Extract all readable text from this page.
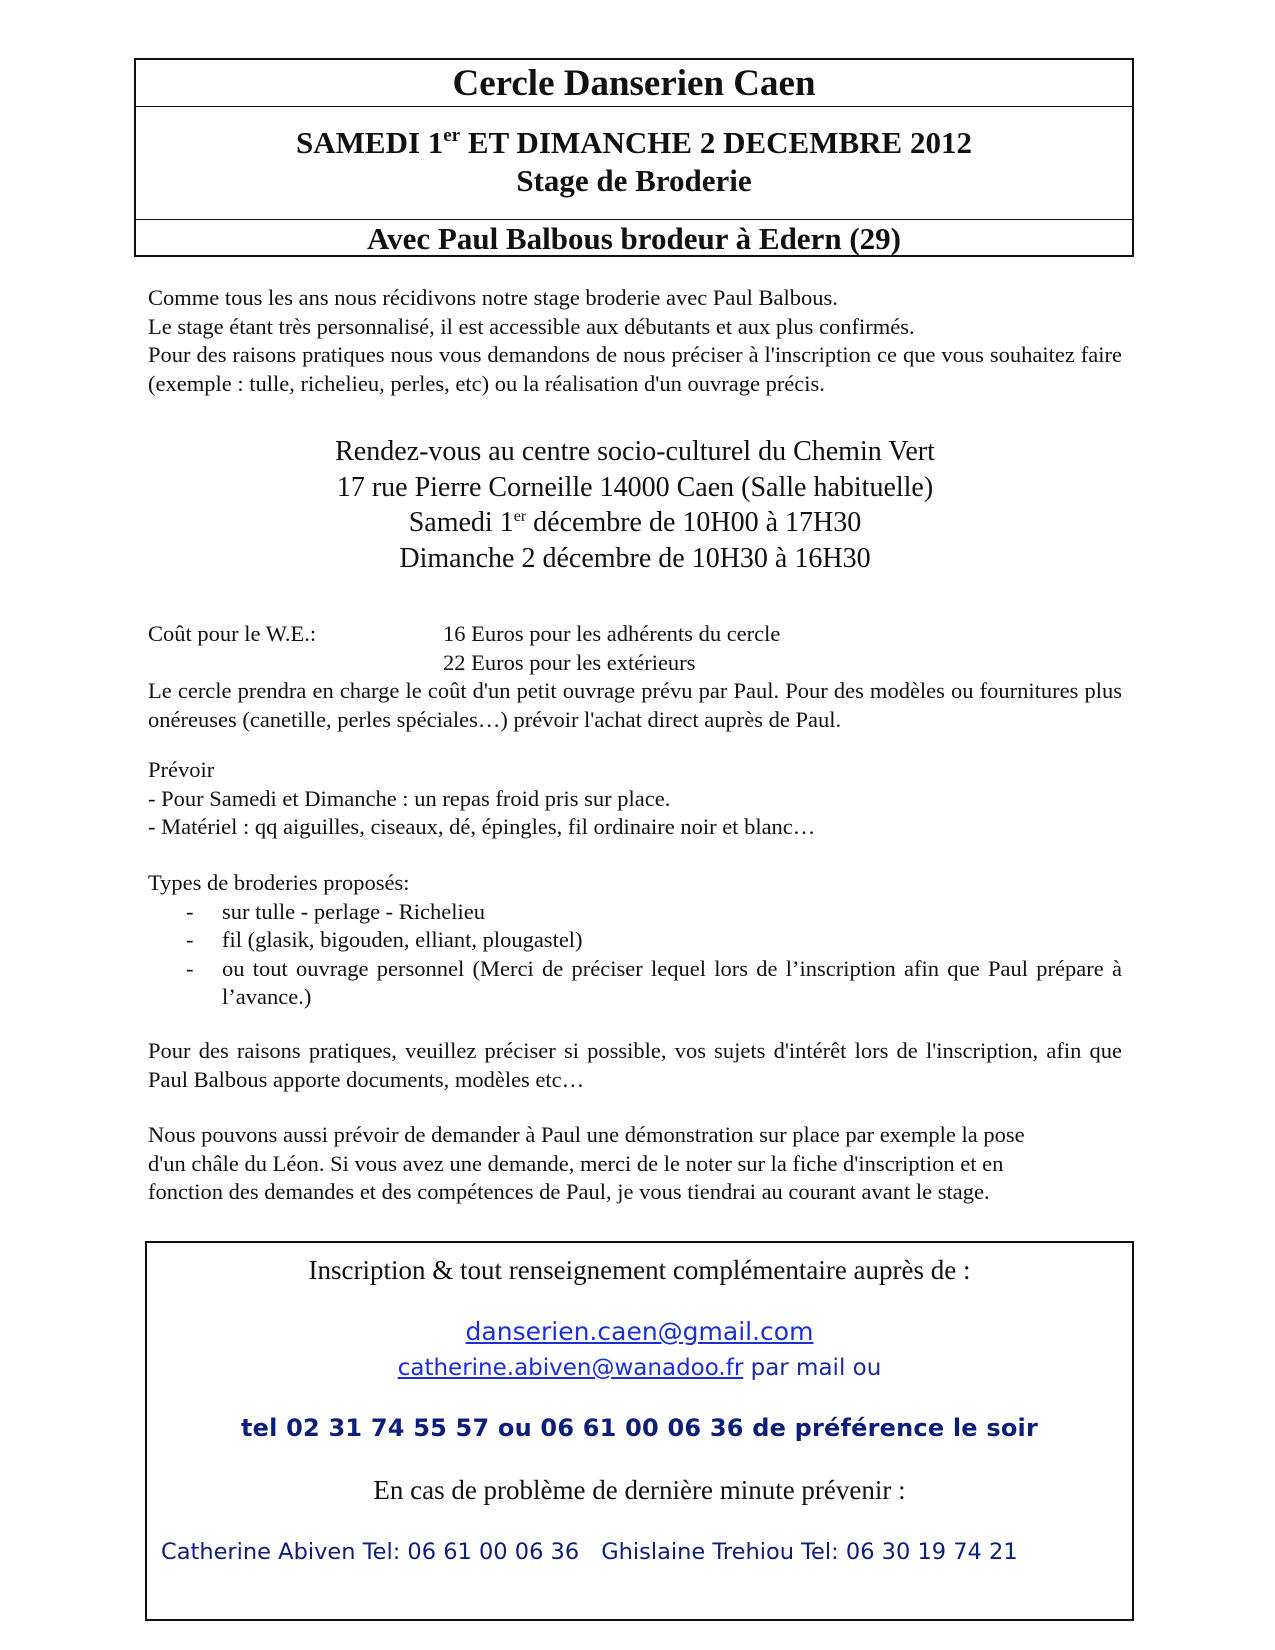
Cercle Danserien Caen
SAMEDI 1er ET DIMANCHE 2 DECEMBRE 2012
Stage de Broderie
Avec Paul Balbous brodeur à Edern (29)
Comme tous les ans nous récidivons notre stage broderie avec Paul Balbous.
Le stage étant très personnalisé, il est accessible aux débutants et aux plus confirmés.
Pour des raisons pratiques nous vous demandons de nous préciser à l'inscription ce que vous souhaitez faire (exemple : tulle, richelieu, perles, etc) ou la réalisation d'un ouvrage précis.
Rendez-vous au centre socio-culturel du Chemin Vert
17 rue Pierre Corneille 14000 Caen (Salle habituelle)
Samedi 1er décembre de 10H00 à 17H30
Dimanche 2 décembre de 10H30 à 16H30
Coût pour le W.E.:	16 Euros pour les adhérents du cercle
22 Euros pour les extérieurs
Le cercle prendra en charge le coût d'un petit ouvrage prévu par Paul. Pour des modèles ou fournitures plus onéreuses (canetille, perles spéciales…) prévoir l'achat direct auprès de Paul.
Prévoir
- Pour Samedi et Dimanche : un repas froid pris sur place.
- Matériel : qq aiguilles, ciseaux, dé, épingles, fil ordinaire noir et blanc…
Types de broderies proposés:
- sur tulle - perlage - Richelieu
- fil (glasik, bigouden, elliant, plougastel)
- ou tout ouvrage personnel (Merci de préciser lequel lors de l’inscription afin que Paul prépare à l’avance.)
Pour des raisons pratiques, veuillez préciser si possible, vos sujets d'intérêt lors de l'inscription, afin que Paul Balbous apporte documents, modèles etc…
Nous pouvons aussi prévoir de demander à Paul une démonstration sur place par exemple la pose
d'un châle du Léon. Si vous avez une demande, merci de le noter sur la fiche d'inscription et en
fonction des demandes et des compétences de Paul, je vous tiendrai au courant avant le stage.
Inscription & tout renseignement complémentaire auprès de :
danserien.caen@gmail.com
catherine.abiven@wanadoo.fr par mail ou
tel 02 31 74 55 57 ou 06 61 00 06 36 de préférence le soir
En cas de problème de dernière minute prévenir :
Catherine Abiven Tel: 06 61 00 06 36 Ghislaine Trehiou Tel: 06 30 19 74 21
